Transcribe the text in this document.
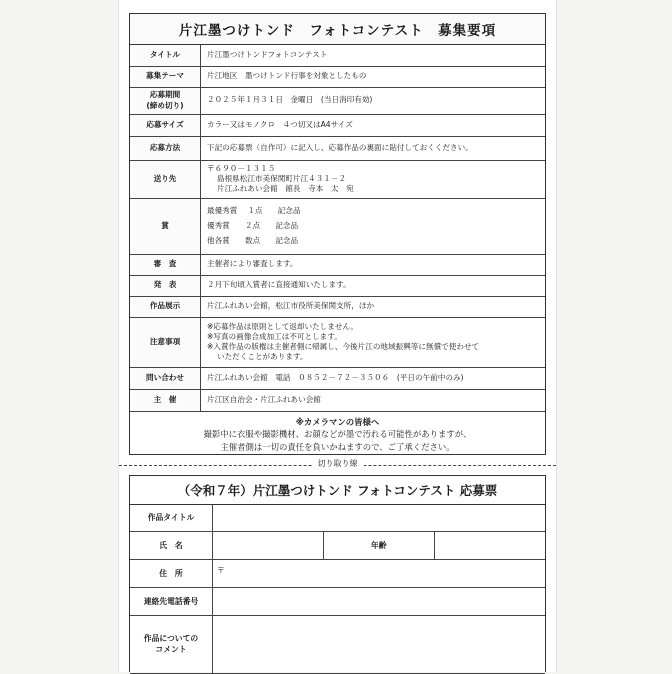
片江墨つけトンド　フォトコンテスト　募集要項
タイトル	片江墨つけトンドフォトコンテスト
募集テーマ	片江地区　墨つけトンド行事を対象としたもの

応募期間
(締め切り)	２０２５年１月３１日　金曜日　(当日消印有効)
応募サイズ	カラー又はモノクロ　４つ切又はA4サイズ
応募方法	下記の応募票（自作可）に記入し、応募作品の裏面に貼付しておくください。
送り先	〒６９０－１３１５
島根県松江市美保関町片江４３１－２
片江ふれあい会館　館長　寺本　太　宛

賞	最優秀賞　 １点　　記念品
優秀賞　　２点　　記念品
他各賞　　数点　　記念品

審　査	主催者により審査します。
発　表	２月下旬頃入賞者に直接通知いたします。
作品展示	片江ふれあい会館，松江市役所美保関支所，ほか
注意事項	※応募作品は原則として返却いたしません。
※写真の画像合成加工は不可とします。
※入賞作品の版権は主催者側に帰属し、今後片江の地域振興等に無償で使わせて
いただくことがあります。

問い合わせ	片江ふれあい会館　電話　０８５２－７２－３５０６　(平日の午前中のみ)
主　催	片江区自治会・片江ふれあい会館
※カメラマンの皆様へ
撮影中に衣服や撮影機材、お顔などが墨で汚れる可能性がありますが、
主催者側は一切の責任を負いかねますので、ご了承ください。
切り取り線
（令和７年）片江墨つけトンド フォトコンテスト 応募票
作品タイトル			
氏　名		年齢	
住　所	〒		
連絡先電話番号			

作品についての
コメント			
